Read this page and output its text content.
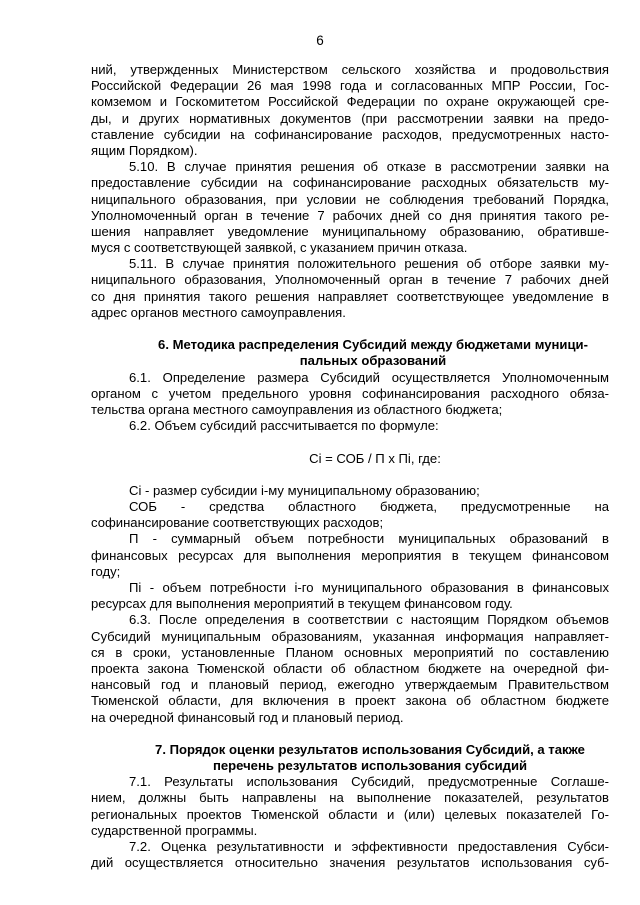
6
ний, утвержденных Министерством сельского хозяйства и продовольствия
Российской Федерации 26 мая 1998 года и согласованных МПР России, Гос-
комземом и Госкомитетом Российской Федерации по охране окружающей сре-
ды, и других нормативных документов (при рассмотрении заявки на предо-
ставление субсидии на софинансирование расходов, предусмотренных насто-
ящим Порядком).
5.10. В случае принятия решения об отказе в рассмотрении заявки на
предоставление субсидии на софинансирование расходных обязательств му-
ниципального образования, при условии не соблюдения требований Порядка,
Уполномоченный орган в течение 7 рабочих дней со дня принятия такого ре-
шения направляет уведомление муниципальному образованию, обративше-
муся с соответствующей заявкой, с указанием причин отказа.
5.11. В случае принятия положительного решения об отборе заявки му-
ниципального образования, Уполномоченный орган в течение 7 рабочих дней
со дня принятия такого решения направляет соответствующее уведомление в
адрес органов местного самоуправления.
6. Методика распределения Субсидий между бюджетами муници-
пальных образований
6.1. Определение размера Субсидий осуществляется Уполномоченным
органом с учетом предельного уровня софинансирования расходного обяза-
тельства органа местного самоуправления из областного бюджета;
6.2. Объем субсидий рассчитывается по формуле:
Ci = СОБ / П x Пi, где:
Ci - размер субсидии i-му муниципальному образованию;
СОБ - средства областного бюджета, предусмотренные на
софинансирование соответствующих расходов;
П - суммарный объем потребности муниципальных образований в
финансовых ресурсах для выполнения мероприятия в текущем финансовом
году;
Пi - объем потребности i-го муниципального образования в финансовых
ресурсах для выполнения мероприятий в текущем финансовом году.
6.3. После определения в соответствии с настоящим Порядком объемов
Субсидий муниципальным образованиям, указанная информация направляет-
ся в сроки, установленные Планом основных мероприятий по составлению
проекта закона Тюменской области об областном бюджете на очередной фи-
нансовый год и плановый период, ежегодно утверждаемым Правительством
Тюменской области, для включения в проект закона об областном бюджете
на очередной финансовый год и плановый период.
7. Порядок оценки результатов использования Субсидий, а также
перечень результатов использования субсидий
7.1. Результаты использования Субсидий, предусмотренные Соглаше-
нием, должны быть направлены на выполнение показателей, результатов
региональных проектов Тюменской области и (или) целевых показателей Го-
сударственной программы.
7.2. Оценка результативности и эффективности предоставления Субси-
дий осуществляется относительно значения результатов использования суб-
